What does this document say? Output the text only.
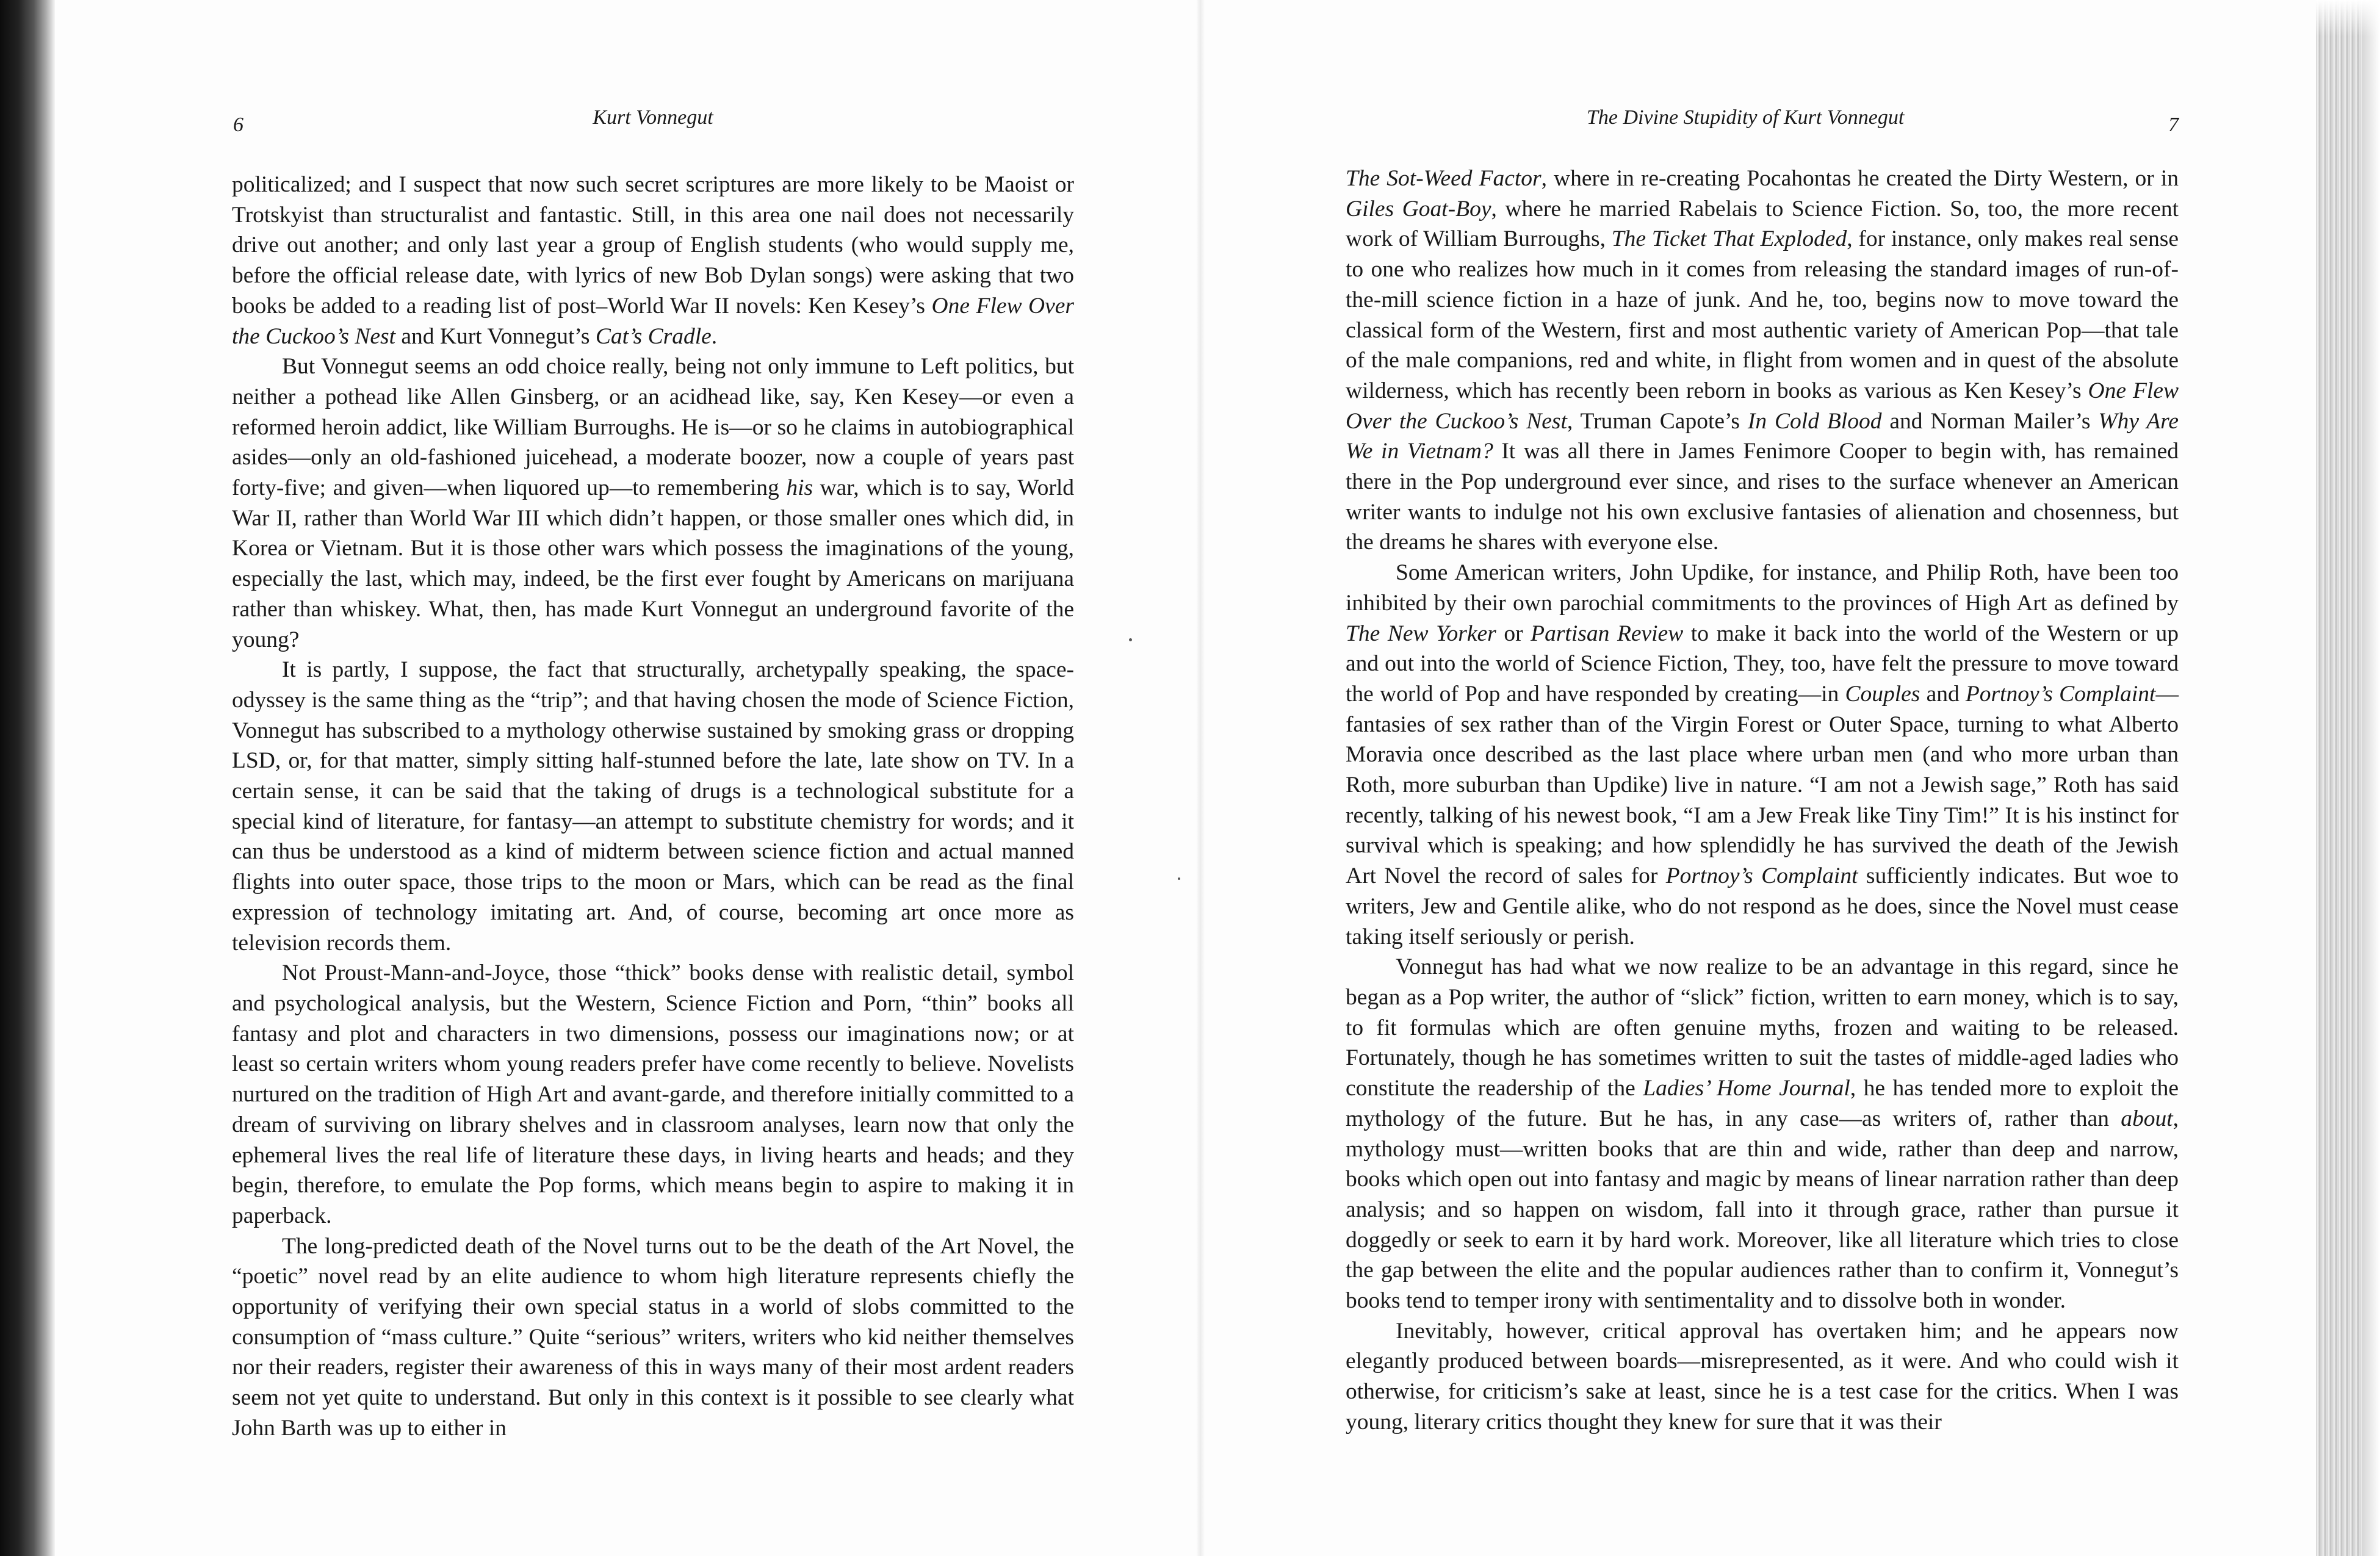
6	Kurt Vonnegut

politicalized; and I suspect that now such secret scriptures are more likely to be Maoist or Trotskyist than structuralist and fantastic. Still, in this area one nail does not necessarily drive out another; and only last year a group of English students (who would supply me, before the official release date, with lyrics of new Bob Dylan songs) were asking that two books be added to a reading list of post–World War II novels: Ken Kesey’s One Flew Over the Cuckoo’s Nest and Kurt Vonnegut’s Cat’s Cradle.

But Vonnegut seems an odd choice really, being not only immune to Left politics, but neither a pothead like Allen Ginsberg, or an acidhead like, say, Ken Kesey—or even a reformed heroin addict, like William Burroughs. He is—or so he claims in autobiographical asides—only an old-fashioned juicehead, a moderate boozer, now a couple of years past forty-five; and given—when liquored up—to remembering his war, which is to say, World War II, rather than World War III which didn’t happen, or those smaller ones which did, in Korea or Vietnam. But it is those other wars which possess the imaginations of the young, especially the last, which may, indeed, be the first ever fought by Americans on marijuana rather than whiskey. What, then, has made Kurt Vonnegut an underground favorite of the young?

It is partly, I suppose, the fact that structurally, archetypally speaking, the space-odyssey is the same thing as the “trip”; and that having chosen the mode of Science Fiction, Vonnegut has subscribed to a mythology otherwise sustained by smoking grass or dropping LSD, or, for that matter, simply sitting half-stunned before the late, late show on TV. In a certain sense, it can be said that the taking of drugs is a technological substitute for a special kind of literature, for fantasy—an attempt to substitute chemistry for words; and it can thus be understood as a kind of midterm between science fiction and actual manned flights into outer space, those trips to the moon or Mars, which can be read as the final expression of technology imitating art. And, of course, becoming art once more as television records them.

Not Proust-Mann-and-Joyce, those “thick” books dense with realistic detail, symbol and psychological analysis, but the Western, Science Fiction and Porn, “thin” books all fantasy and plot and characters in two dimensions, possess our imaginations now; or at least so certain writers whom young readers prefer have come recently to believe. Novelists nurtured on the tradition of High Art and avant-garde, and therefore initially committed to a dream of surviving on library shelves and in classroom analyses, learn now that only the ephemeral lives the real life of literature these days, in living hearts and heads; and they begin, therefore, to emulate the Pop forms, which means begin to aspire to making it in paperback.

The long-predicted death of the Novel turns out to be the death of the Art Novel, the “poetic” novel read by an elite audience to whom high literature represents chiefly the opportunity of verifying their own special status in a world of slobs committed to the consumption of “mass culture.” Quite “serious” writers, writers who kid neither themselves nor their readers, register their awareness of this in ways many of their most ardent readers seem not yet quite to understand. But only in this context is it possible to see clearly what John Barth was up to either in

The Divine Stupidity of Kurt Vonnegut	7

The Sot-Weed Factor, where in re-creating Pocahontas he created the Dirty Western, or in Giles Goat-Boy, where he married Rabelais to Science Fiction. So, too, the more recent work of William Burroughs, The Ticket That Exploded, for instance, only makes real sense to one who realizes how much in it comes from releasing the standard images of run-of-the-mill science fiction in a haze of junk. And he, too, begins now to move toward the classical form of the Western, first and most authentic variety of American Pop—that tale of the male companions, red and white, in flight from women and in quest of the absolute wilderness, which has recently been reborn in books as various as Ken Kesey’s One Flew Over the Cuckoo’s Nest, Truman Capote’s In Cold Blood and Norman Mailer’s Why Are We in Vietnam? It was all there in James Fenimore Cooper to begin with, has remained there in the Pop underground ever since, and rises to the surface whenever an American writer wants to indulge not his own exclusive fantasies of alienation and chosenness, but the dreams he shares with everyone else.

Some American writers, John Updike, for instance, and Philip Roth, have been too inhibited by their own parochial commitments to the provinces of High Art as defined by The New Yorker or Partisan Review to make it back into the world of the Western or up and out into the world of Science Fiction, They, too, have felt the pressure to move toward the world of Pop and have responded by creating—in Couples and Portnoy’s Complaint—fantasies of sex rather than of the Virgin Forest or Outer Space, turning to what Alberto Moravia once described as the last place where urban men (and who more urban than Roth, more suburban than Updike) live in nature. “I am not a Jewish sage,” Roth has said recently, talking of his newest book, “I am a Jew Freak like Tiny Tim!” It is his instinct for survival which is speaking; and how splendidly he has survived the death of the Jewish Art Novel the record of sales for Portnoy’s Complaint sufficiently indicates. But woe to writers, Jew and Gentile alike, who do not respond as he does, since the Novel must cease taking itself seriously or perish.

Vonnegut has had what we now realize to be an advantage in this regard, since he began as a Pop writer, the author of “slick” fiction, written to earn money, which is to say, to fit formulas which are often genuine myths, frozen and waiting to be released. Fortunately, though he has sometimes written to suit the tastes of middle-aged ladies who constitute the readership of the Ladies’ Home Journal, he has tended more to exploit the mythology of the future. But he has, in any case—as writers of, rather than about, mythology must—written books that are thin and wide, rather than deep and narrow, books which open out into fantasy and magic by means of linear narration rather than deep analysis; and so happen on wisdom, fall into it through grace, rather than pursue it doggedly or seek to earn it by hard work. Moreover, like all literature which tries to close the gap between the elite and the popular audiences rather than to confirm it, Vonnegut’s books tend to temper irony with sentimentality and to dissolve both in wonder.

Inevitably, however, critical approval has overtaken him; and he appears now elegantly produced between boards—misrepresented, as it were. And who could wish it otherwise, for criticism’s sake at least, since he is a test case for the critics. When I was young, literary critics thought they knew for sure that it was their
